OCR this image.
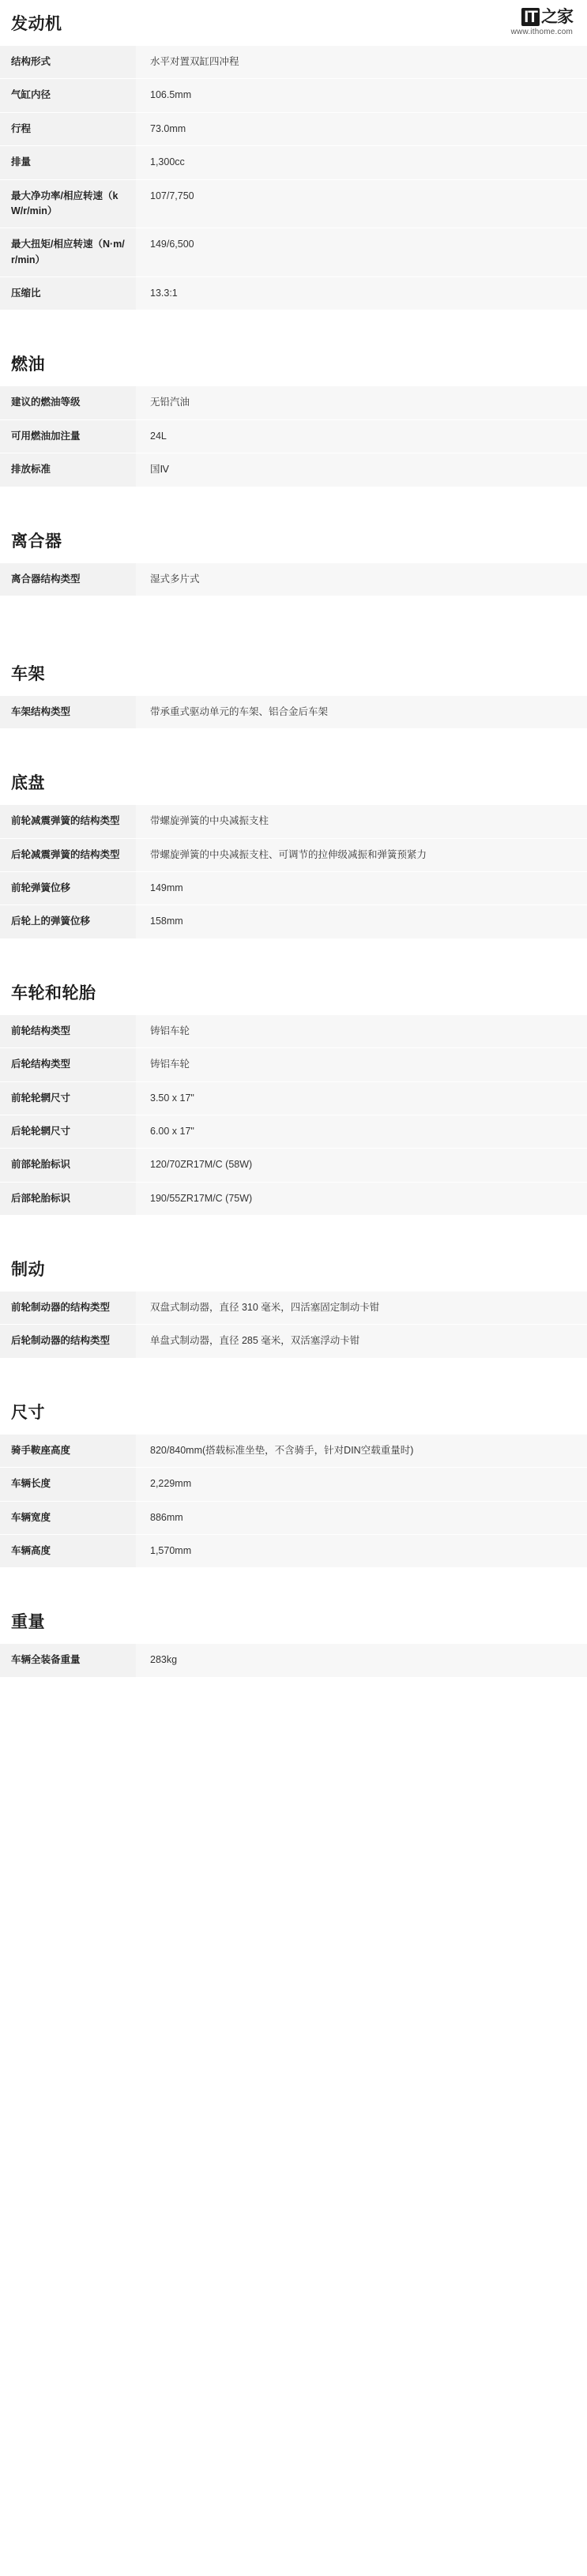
IT 之家
www.ithome.com
发动机
结构形式	水平对置双缸四冲程
气缸内径	106.5mm
行程	73.0mm
排量	1,300cc
最大净功率/相应转速（kW/r/min）	107/7,750
最大扭矩/相应转速（N·m/r/min）	149/6,500
压缩比	13.3:1
燃油
建议的燃油等级	无铅汽油
可用燃油加注量	24L
排放标准	国Ⅳ
离合器
离合器结构类型	湿式多片式
车架
车架结构类型	带承重式驱动单元的车架、铝合金后车架
底盘
前轮减震弹簧的结构类型	带螺旋弹簧的中央减振支柱
后轮减震弹簧的结构类型	带螺旋弹簧的中央减振支柱、可调节的拉伸级减振和弹簧预紧力
前轮弹簧位移	149mm
后轮上的弹簧位移	158mm
车轮和轮胎
前轮结构类型	铸铝车轮
后轮结构类型	铸铝车轮
前轮轮辋尺寸	3.50 x 17"
后轮轮辋尺寸	6.00 x 17"
前部轮胎标识	120/70ZR17M/C (58W)
后部轮胎标识	190/55ZR17M/C (75W)
制动
前轮制动器的结构类型	双盘式制动器，直径 310 毫米，四活塞固定制动卡钳
后轮制动器的结构类型	单盘式制动器，直径 285 毫米，双活塞浮动卡钳
尺寸
骑手鞍座高度	820/840mm(搭载标准坐垫，不含骑手，针对DIN空载重量时)
车辆长度	2,229mm
车辆宽度	886mm
车辆高度	1,570mm
重量
车辆全装备重量	283kg
